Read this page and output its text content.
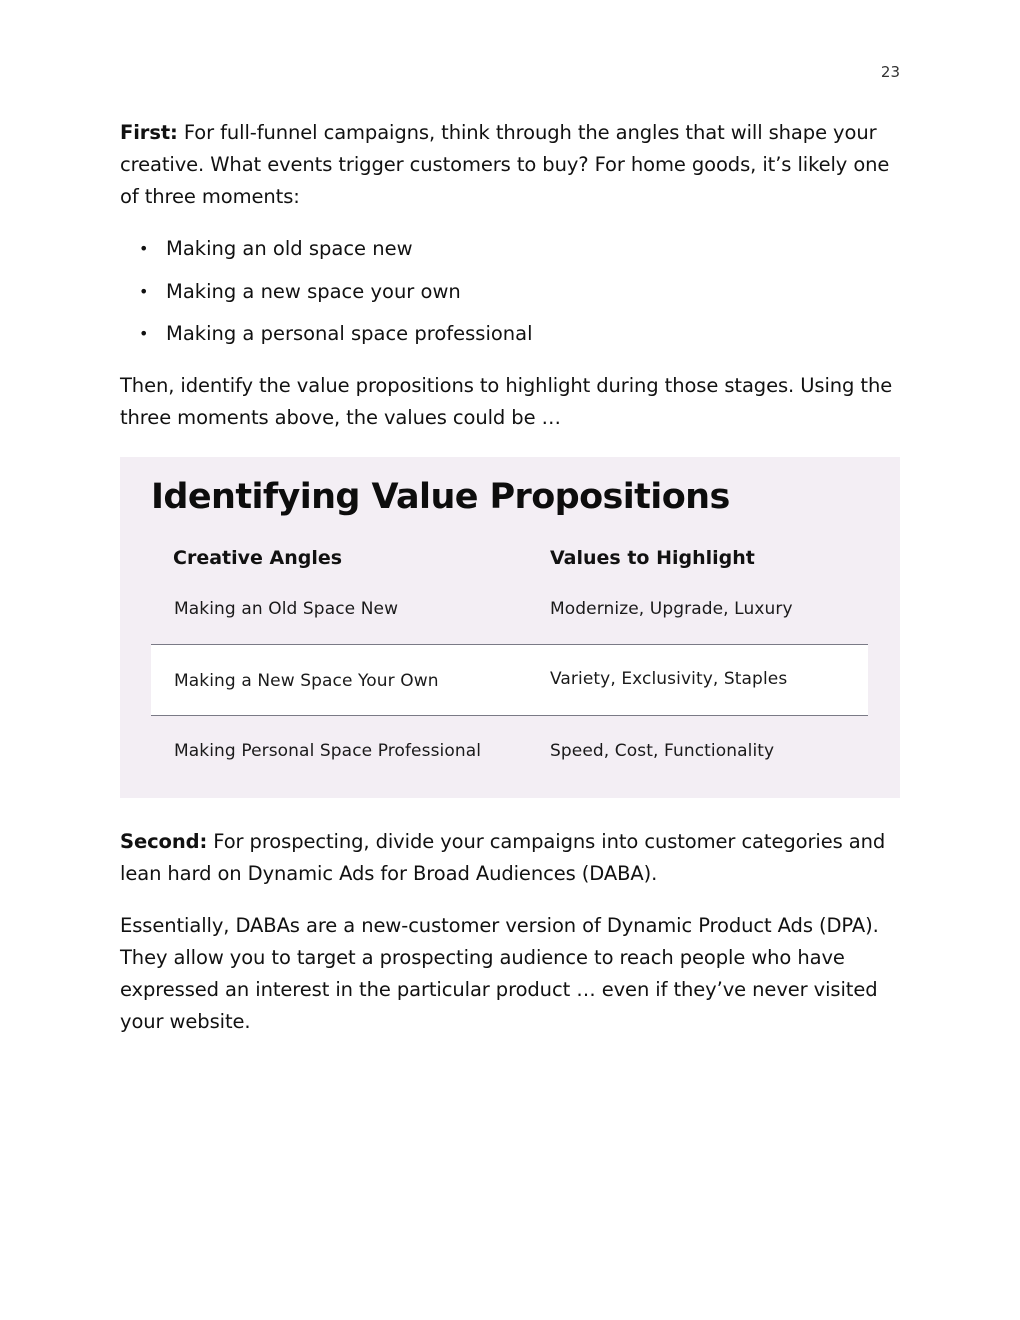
23

First: For full-funnel campaigns, think through the angles that will shape your creative. What events trigger customers to buy? For home goods, it’s likely one of three moments:

• Making an old space new
• Making a new space your own
• Making a personal space professional

Then, identify the value propositions to highlight during those stages. Using the three moments above, the values could be …

Identifying Value Propositions
Creative Angles	Values to Highlight
Making an Old Space New	Modernize, Upgrade, Luxury
Making a New Space Your Own	Variety, Exclusivity, Staples
Making Personal Space Professional	Speed, Cost, Functionality

Second: For prospecting, divide your campaigns into customer categories and lean hard on Dynamic Ads for Broad Audiences (DABA).

Essentially, DABAs are a new-customer version of Dynamic Product Ads (DPA). They allow you to target a prospecting audience to reach people who have expressed an interest in the particular product … even if they’ve never visited your website.
